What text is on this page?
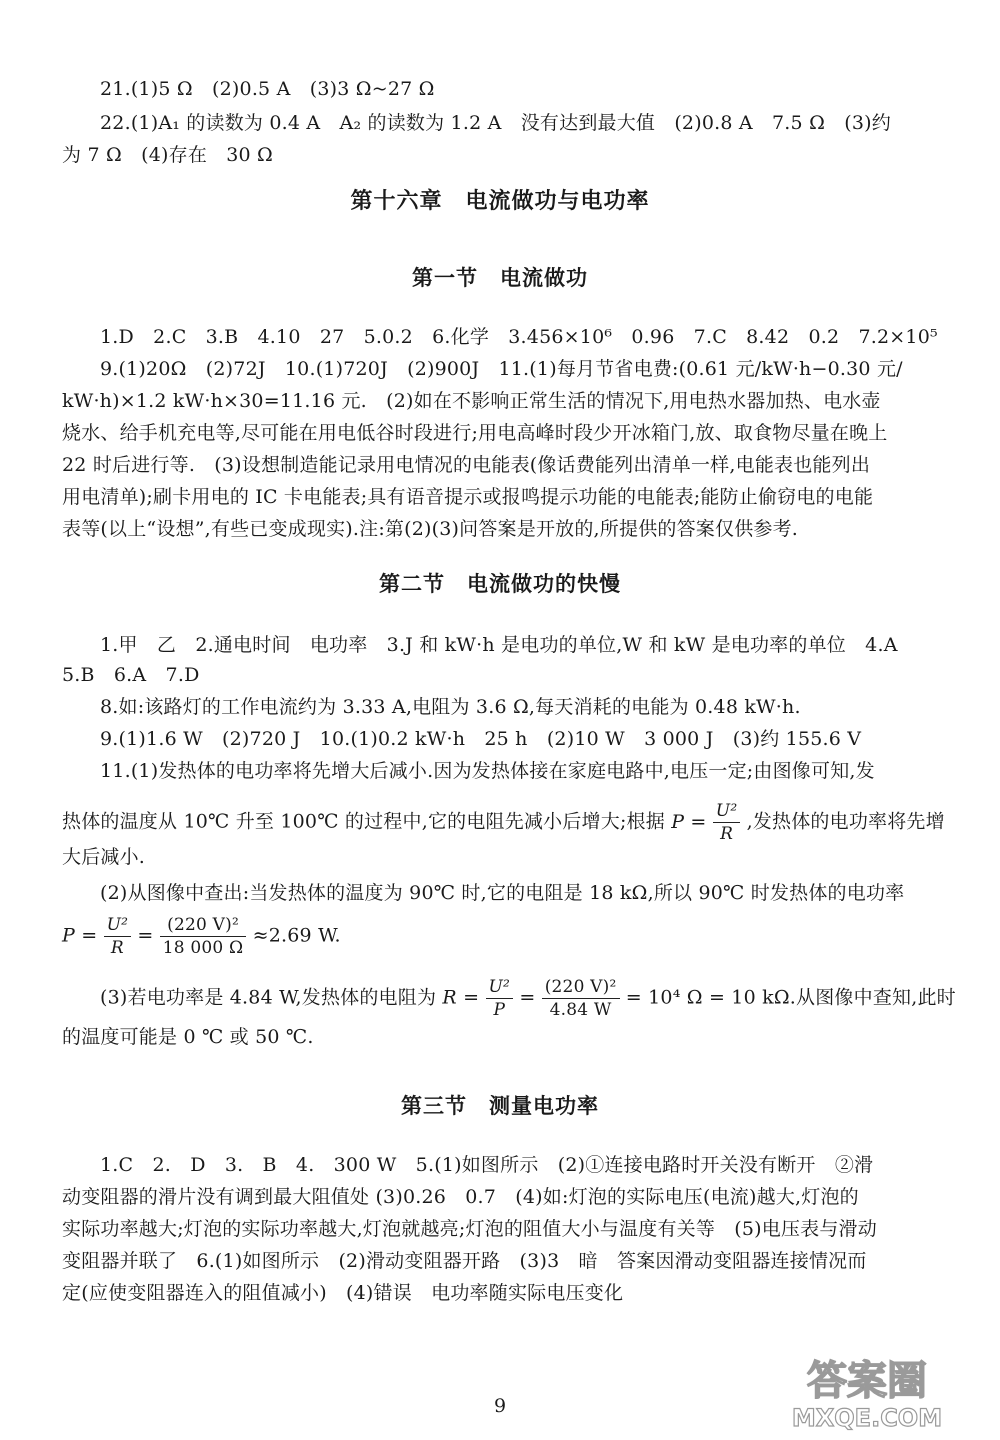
21.(1)5 Ω　(2)0.5 A　(3)3 Ω~27 Ω
22.(1)A₁ 的读数为 0.4 A　A₂ 的读数为 1.2 A　没有达到最大值　(2)0.8 A　7.5 Ω　(3)约
为 7 Ω　(4)存在　30 Ω
第十六章　电流做功与电功率
第一节　电流做功
1.D　2.C　3.B　4.10　27　5.0.2　6.化学　3.456×10⁶　0.96　7.C　8.42　0.2　7.2×10⁵
9.(1)20Ω　(2)72J　10.(1)720J　(2)900J　11.(1)每月节省电费:(0.61 元/kW·h−0.30 元/
kW·h)×1.2 kW·h×30=11.16 元.　(2)如在不影响正常生活的情况下,用电热水器加热、电水壶
烧水、给手机充电等,尽可能在用电低谷时段进行;用电高峰时段少开冰箱门,放、取食物尽量在晚上
22 时后进行等.　(3)设想制造能记录用电情况的电能表(像话费能列出清单一样,电能表也能列出
用电清单);刷卡用电的 IC 卡电能表;具有语音提示或报鸣提示功能的电能表;能防止偷窃电的电能
表等(以上“设想”,有些已变成现实).注:第(2)(3)问答案是开放的,所提供的答案仅供参考.
第二节　电流做功的快慢
1.甲　乙　2.通电时间　电功率　3.J 和 kW·h 是电功的单位,W 和 kW 是电功率的单位　4.A
5.B　6.A　7.D
8.如:该路灯的工作电流约为 3.33 A,电阻为 3.6 Ω,每天消耗的电能为 0.48 kW·h.
9.(1)1.6 W　(2)720 J　10.(1)0.2 kW·h　25 h　(2)10 W　3 000 J　(3)约 155.6 V
11.(1)发热体的电功率将先增大后减小.因为发热体接在家庭电路中,电压一定;由图像可知,发
热体的温度从 10℃ 升至 100℃ 的过程中,它的电阻先减小后增大;根据 $P = \frac{\text{U²}}{R}$ ,发热体的电功率将先增
大后减小.
(2)从图像中查出:当发热体的温度为 90℃ 时,它的电阻是 18 kΩ,所以 90℃ 时发热体的电功率
$P = \frac{\text{U²}}{R} = \frac{\text{(220 V)²}}{18 000 \Omega} \approx 2.69$ W.
(3)若电功率是 4.84 W,发热体的电阻为 $R = \frac{\text{U²}}{P} = \frac{\text{(220 V)²}}{4.84 W} = 10^4$ Ω = 10 kΩ.从图像中查知,此时
的温度可能是 0 ℃ 或 50 ℃.
第三节　测量电功率
1.C　2.　D　3.　B　4.　300 W　5.(1)如图所示　(2)①连接电路时开关没有断开　②滑
动变阻器的滑片没有调到最大阻值处 (3)0.26　0.7　(4)如:灯泡的实际电压(电流)越大,灯泡的
实际功率越大;灯泡的实际功率越大,灯泡就越亮;灯泡的阻值大小与温度有关等　(5)电压表与滑动
变阻器并联了　6.(1)如图所示　(2)滑动变阻器开路　(3)3　暗　答案因滑动变阻器连接情况而
定(应使变阻器连入的阻值减小)　(4)错误　电功率随实际电压变化
9
答案圈
MXQE.COM
